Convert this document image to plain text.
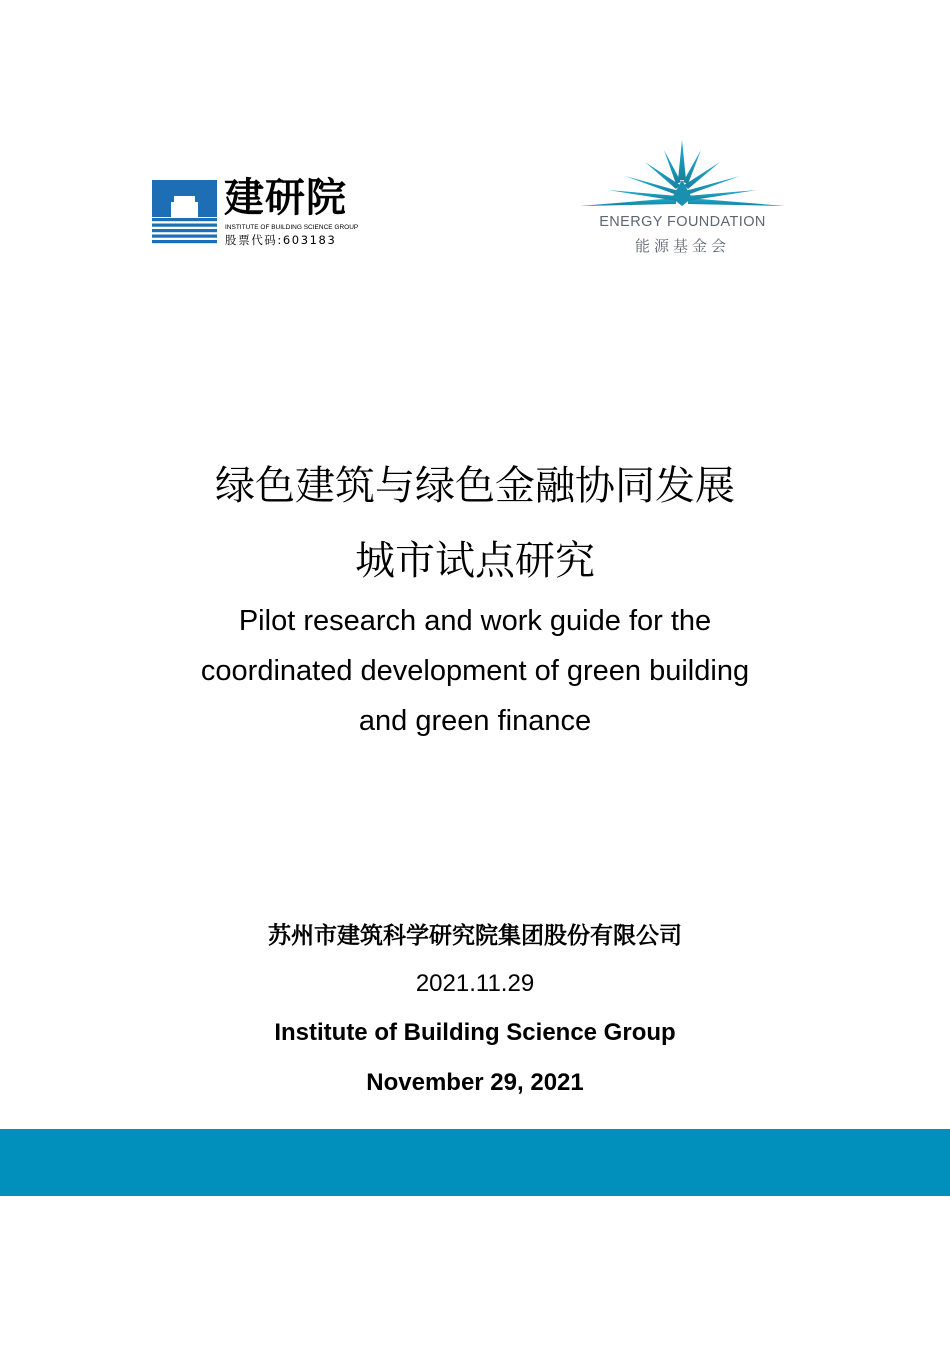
建研院
INSTITUTE OF BUILDING SCIENCE GROUP
股票代码:603183
ENERGY FOUNDATION
能源基金会
绿色建筑与绿色金融协同发展
城市试点研究
Pilot research and work guide for the
coordinated development of green building
and green finance
苏州市建筑科学研究院集团股份有限公司
2021.11.29
Institute of Building Science Group
November 29, 2021
